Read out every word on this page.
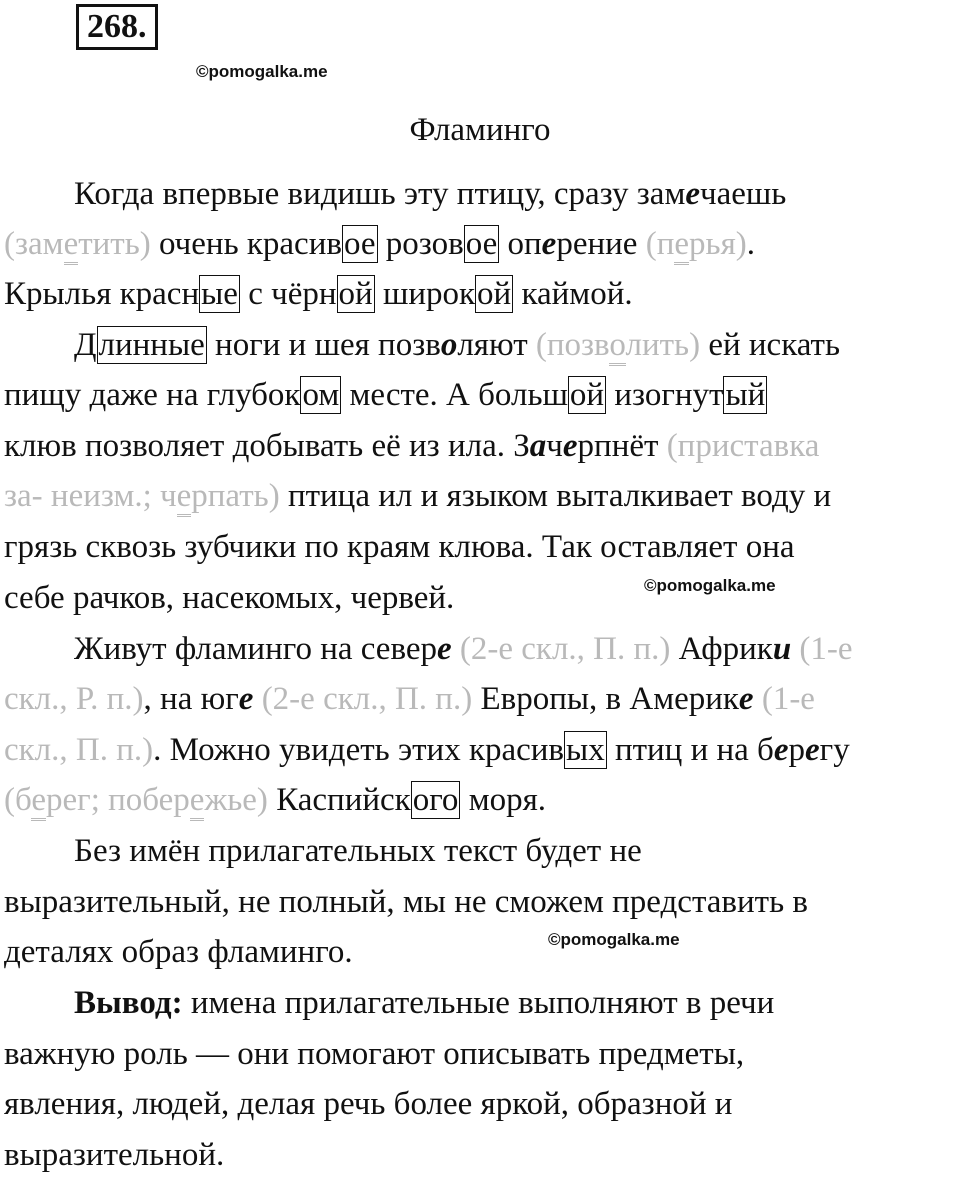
268.
©pomogalka.me
Фламинго
Когда впервые видишь эту птицу, сразу замечаешь
(заметить) очень красивое розовое оперение (перья).
Крылья красные с чёрной широкой каймой.
Длинные ноги и шея позволяют (позволить) ей искать
пищу даже на глубоком месте. А большой изогнутый
клюв позволяет добывать её из ила. Зачерпнёт (приставка
за- неизм.; черпать) птица ил и языком выталкивает воду и
грязь сквозь зубчики по краям клюва. Так оставляет она
себе рачков, насекомых, червей.	©pomogalka.me
Живут фламинго на севере (2-е скл., П. п.) Африки (1-е
скл., Р. п.), на юге (2-е скл., П. п.) Европы, в Америке (1-е
скл., П. п.). Можно увидеть этих красивых птиц и на берегу
(берег; побережье) Каспийского моря.
Без имён прилагательных текст будет не
выразительный, не полный, мы не сможем представить в
деталях образ фламинго.	©pomogalka.me
Вывод: имена прилагательные выполняют в речи
важную роль — они помогают описывать предметы,
явления, людей, делая речь более яркой, образной и
выразительной.
